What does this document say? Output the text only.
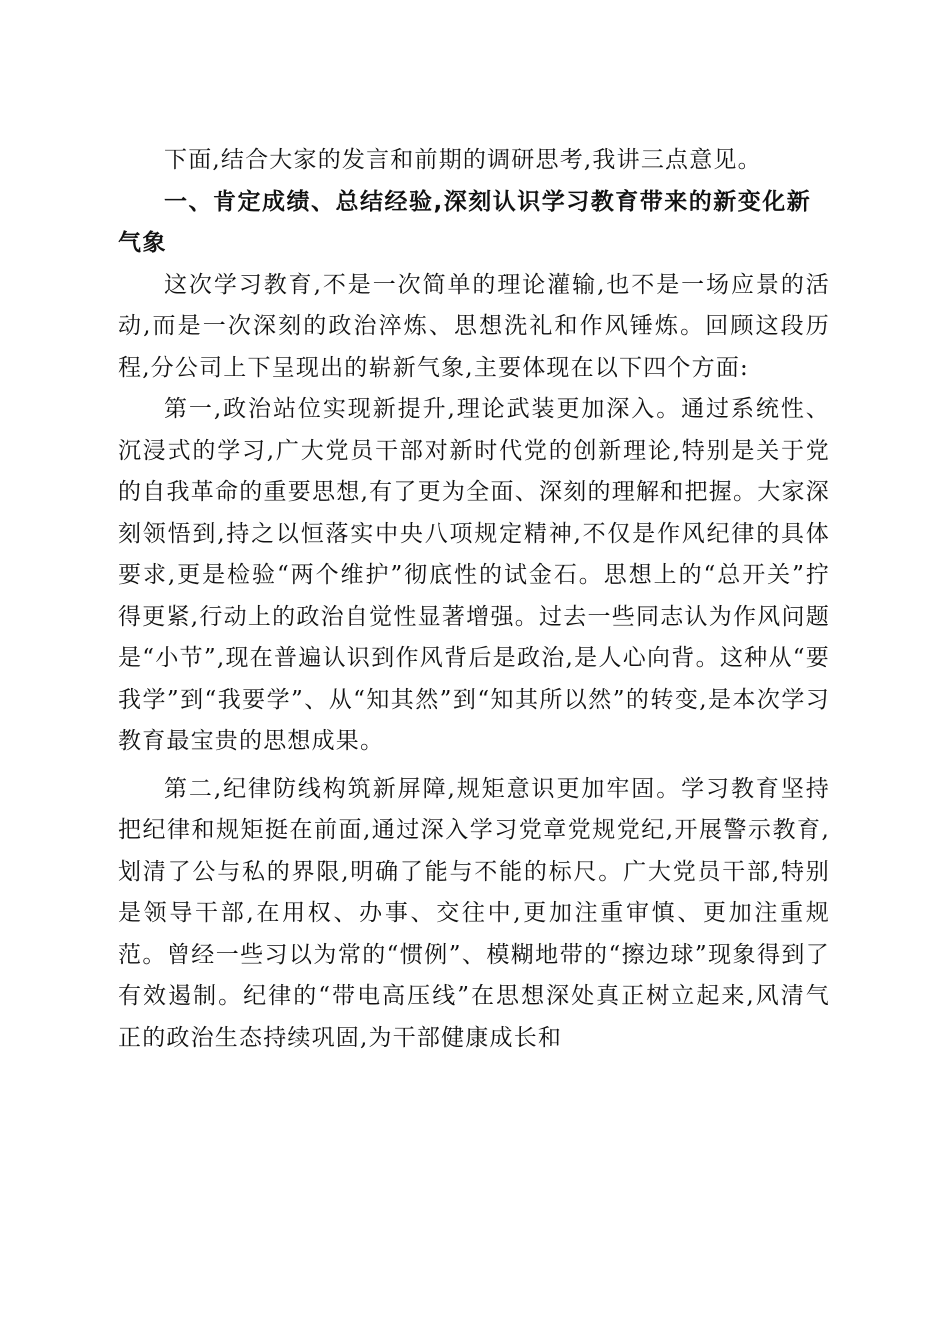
下面,结合大家的发言和前期的调研思考,我讲三点意见。

一、肯定成绩、总结经验,深刻认识学习教育带来的新变化新气象

这次学习教育,不是一次简单的理论灌输,也不是一场应景的活动,而是一次深刻的政治淬炼、思想洗礼和作风锤炼。回顾这段历程,分公司上下呈现出的崭新气象,主要体现在以下四个方面:

第一,政治站位实现新提升,理论武装更加深入。通过系统性、沉浸式的学习,广大党员干部对新时代党的创新理论,特别是关于党的自我革命的重要思想,有了更为全面、深刻的理解和把握。大家深刻领悟到,持之以恒落实中央八项规定精神,不仅是作风纪律的具体要求,更是检验“两个维护”彻底性的试金石。思想上的“总开关”拧得更紧,行动上的政治自觉性显著增强。过去一些同志认为作风问题是“小节”,现在普遍认识到作风背后是政治,是人心向背。这种从“要我学”到“我要学”、从“知其然”到“知其所以然”的转变,是本次学习教育最宝贵的思想成果。

第二,纪律防线构筑新屏障,规矩意识更加牢固。学习教育坚持把纪律和规矩挺在前面,通过深入学习党章党规党纪,开展警示教育,划清了公与私的界限,明确了能与不能的标尺。广大党员干部,特别是领导干部,在用权、办事、交往中,更加注重审慎、更加注重规范。曾经一些习以为常的“惯例”、模糊地带的“擦边球”现象得到了有效遏制。纪律的“带电高压线”在思想深处真正树立起来,风清气正的政治生态持续巩固,为干部健康成长和
